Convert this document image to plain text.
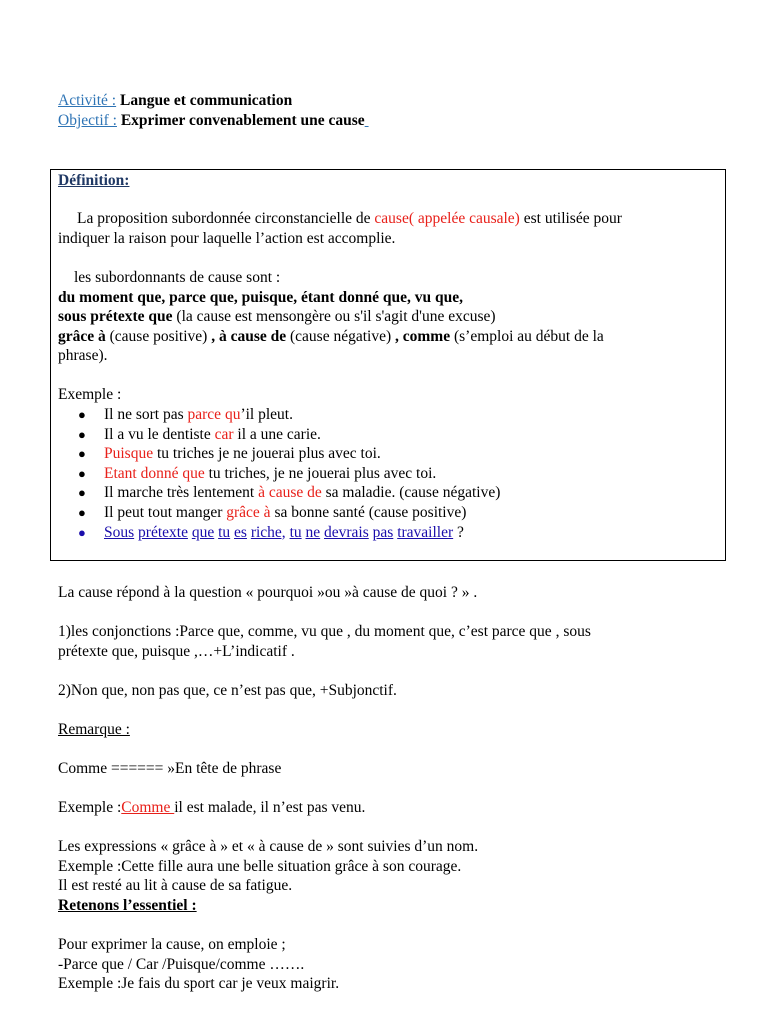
Activité : Langue et communication
Objectif : Exprimer convenablement une cause
Définition:
La proposition subordonnée circonstancielle de cause( appelée causale) est utilisée pour
indiquer la raison pour laquelle l’action est accomplie.
les subordonnants de cause sont :
du moment que, parce que, puisque, étant donné que, vu que,
sous prétexte que (la cause est mensongère ou s'il s'agit d'une excuse)
grâce à (cause positive) , à cause de (cause négative) , comme (s’emploi au début de la
phrase).
Exemple :
● Il ne sort pas parce qu’il pleut.
● Il a vu le dentiste car il a une carie.
● Puisque tu triches je ne jouerai plus avec toi.
● Etant donné que tu triches, je ne jouerai plus avec toi.
● Il marche très lentement à cause de sa maladie. (cause négative)
● Il peut tout manger grâce à sa bonne santé (cause positive)
● Sous prétexte que tu es riche, tu ne devrais pas travailler ?
La cause répond à la question « pourquoi »ou »à cause de quoi ? » .
1)les conjonctions :Parce que, comme, vu que , du moment que, c’est parce que , sous
prétexte que, puisque ,…+L’indicatif .
2)Non que, non pas que, ce n’est pas que, +Subjonctif.
Remarque :
Comme ====== »En tête de phrase
Exemple :Comme il est malade, il n’est pas venu.
Les expressions « grâce à » et « à cause de » sont suivies d’un nom.
Exemple :Cette fille aura une belle situation grâce à son courage.
Il est resté au lit à cause de sa fatigue.
Retenons l’essentiel :
Pour exprimer la cause, on emploie ;
-Parce que / Car /Puisque/comme …….
Exemple :Je fais du sport car je veux maigrir.
